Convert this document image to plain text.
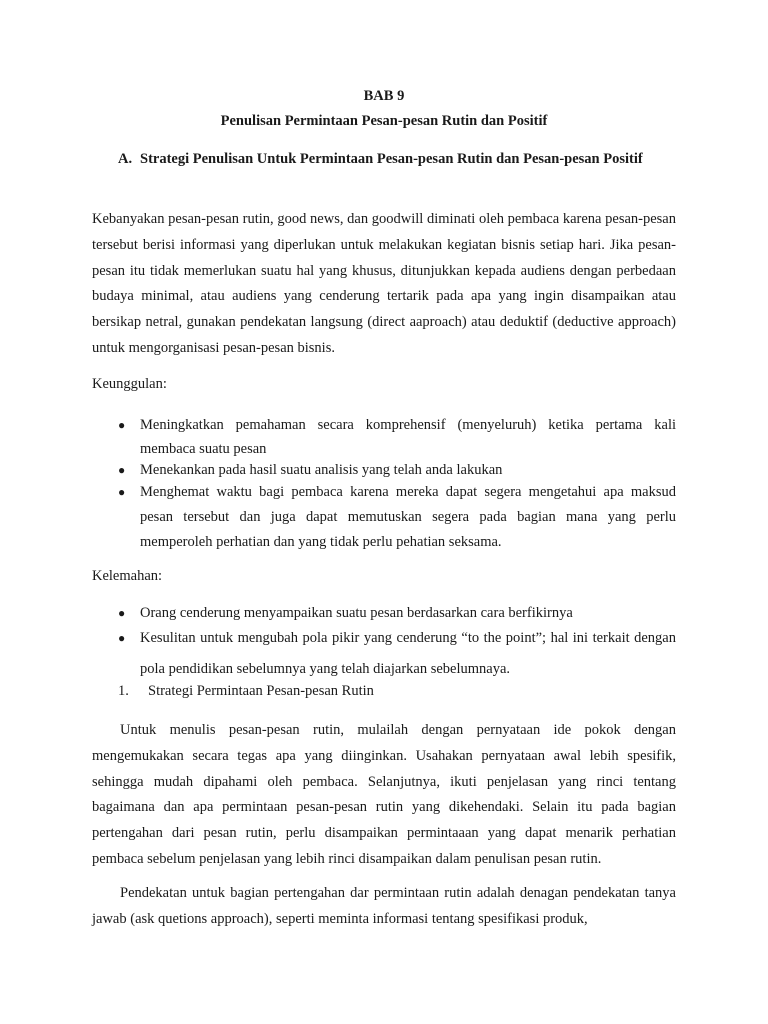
BAB 9
Penulisan Permintaan Pesan-pesan Rutin dan Positif
A. Strategi Penulisan Untuk Permintaan Pesan-pesan Rutin dan Pesan-pesan Positif

Kebanyakan pesan-pesan rutin, good news, dan goodwill diminati oleh pembaca karena pesan-pesan tersebut berisi informasi yang diperlukan untuk melakukan kegiatan bisnis setiap hari. Jika pesan-pesan itu tidak memerlukan suatu hal yang khusus, ditunjukkan kepada audiens dengan perbedaan budaya minimal, atau audiens yang cenderung tertarik pada apa yang ingin disampaikan atau bersikap netral, gunakan pendekatan langsung (direct aaproach) atau deduktif (deductive approach) untuk mengorganisasi pesan-pesan bisnis.

Keunggulan:
● Meningkatkan pemahaman secara komprehensif (menyeluruh) ketika pertama kali membaca suatu pesan
● Menekankan pada hasil suatu analisis yang telah anda lakukan
● Menghemat waktu bagi pembaca karena mereka dapat segera mengetahui apa maksud pesan tersebut dan juga dapat memutuskan segera pada bagian mana yang perlu memperoleh perhatian dan yang tidak perlu pehatian seksama.
Kelemahan:
● Orang cenderung menyampaikan suatu pesan berdasarkan cara berfikirnya
● Kesulitan untuk mengubah pola pikir yang cenderung “to the point”; hal ini terkait dengan pola pendidikan sebelumnya yang telah diajarkan sebelumnaya.
1. Strategi Permintaan Pesan-pesan Rutin

Untuk menulis pesan-pesan rutin, mulailah dengan pernyataan ide pokok dengan mengemukakan secara tegas apa yang diinginkan. Usahakan pernyataan awal lebih spesifik, sehingga mudah dipahami oleh pembaca. Selanjutnya, ikuti penjelasan yang rinci tentang bagaimana dan apa permintaan pesan-pesan rutin yang dikehendaki. Selain itu pada bagian pertengahan dari pesan rutin, perlu disampaikan permintaaan yang dapat menarik perhatian pembaca sebelum penjelasan yang lebih rinci disampaikan dalam penulisan pesan rutin.

Pendekatan untuk bagian pertengahan dar permintaan rutin adalah denagan pendekatan tanya jawab (ask quetions approach), seperti meminta informasi tentang spesifikasi produk,
